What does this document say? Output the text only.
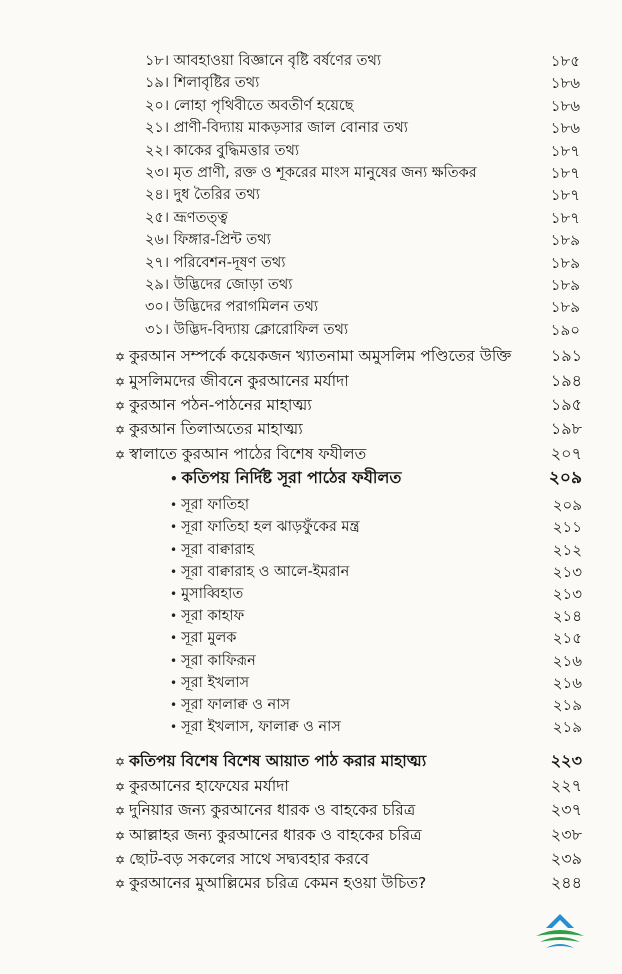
১৮। আবহাওয়া বিজ্ঞানে বৃষ্টি বর্ষণের তথ্য	১৮৫
১৯। শিলাবৃষ্টির তথ্য	১৮৬
২০। লোহা পৃথিবীতে অবতীর্ণ হয়েছে	১৮৬
২১। প্রাণী-বিদ্যায় মাকড়সার জাল বোনার তথ্য	১৮৬
২২। কাকের বুদ্ধিমত্তার তথ্য	১৮৭
২৩। মৃত প্রাণী, রক্ত ও শূকরের মাংস মানুষের জন্য ক্ষতিকর	১৮৭
২৪। দুধ তৈরির তথ্য	১৮৭
২৫। ভ্রূণতত্ত্ব	১৮৭
২৬। ফিঙ্গার-প্রিন্ট তথ্য	১৮৯
২৭। পরিবেশন-দূষণ তথ্য	১৮৯
২৯। উদ্ভিদের জোড়া তথ্য	১৮৯
৩০। উদ্ভিদের পরাগমিলন তথ্য	১৮৯
৩১। উদ্ভিদ-বিদ্যায় ক্লোরোফিল তথ্য	১৯০
✡ কুরআন সম্পর্কে কয়েকজন খ্যাতনামা অমুসলিম পণ্ডিতের উক্তি	১৯১
✡ মুসলিমদের জীবনে কুরআনের মর্যাদা	১৯৪
✡ কুরআন পঠন-পাঠনের মাহাত্ম্য	১৯৫
✡ কুরআন তিলাঅতের মাহাত্ম্য	১৯৮
✡ স্বালাতে কুরআন পাঠের বিশেষ ফযীলত	২০৭
• কতিপয় নির্দিষ্ট সূরা পাঠের ফযীলত	২০৯
• সূরা ফাতিহা	২০৯
• সূরা ফাতিহা হল ঝাড়ফুঁকের মন্ত্র	২১১
• সূরা বাক্বারাহ	২১২
• সূরা বাক্বারাহ ও আলে-ইমরান	২১৩
• মুসাব্বিহাত	২১৩
• সূরা কাহাফ	২১৪
• সূরা মুলক	২১৫
• সূরা কাফিরূন	২১৬
• সূরা ইখলাস	২১৬
• সূরা ফালাক্ব ও নাস	২১৯
• সূরা ইখলাস, ফালাক্ব ও নাস	২১৯
✡ কতিপয় বিশেষ বিশেষ আয়াত পাঠ করার মাহাত্ম্য	২২৩
✡ কুরআনের হাফেযের মর্যাদা	২২৭
✡ দুনিয়ার জন্য কুরআনের ধারক ও বাহকের চরিত্র	২৩৭
✡ আল্লাহর জন্য কুরআনের ধারক ও বাহকের চরিত্র	২৩৮
✡ ছোট-বড় সকলের সাথে সদ্ব্যবহার করবে	২৩৯
✡ কুরআনের মুআল্লিমের চরিত্র কেমন হওয়া উচিত?	২৪৪
